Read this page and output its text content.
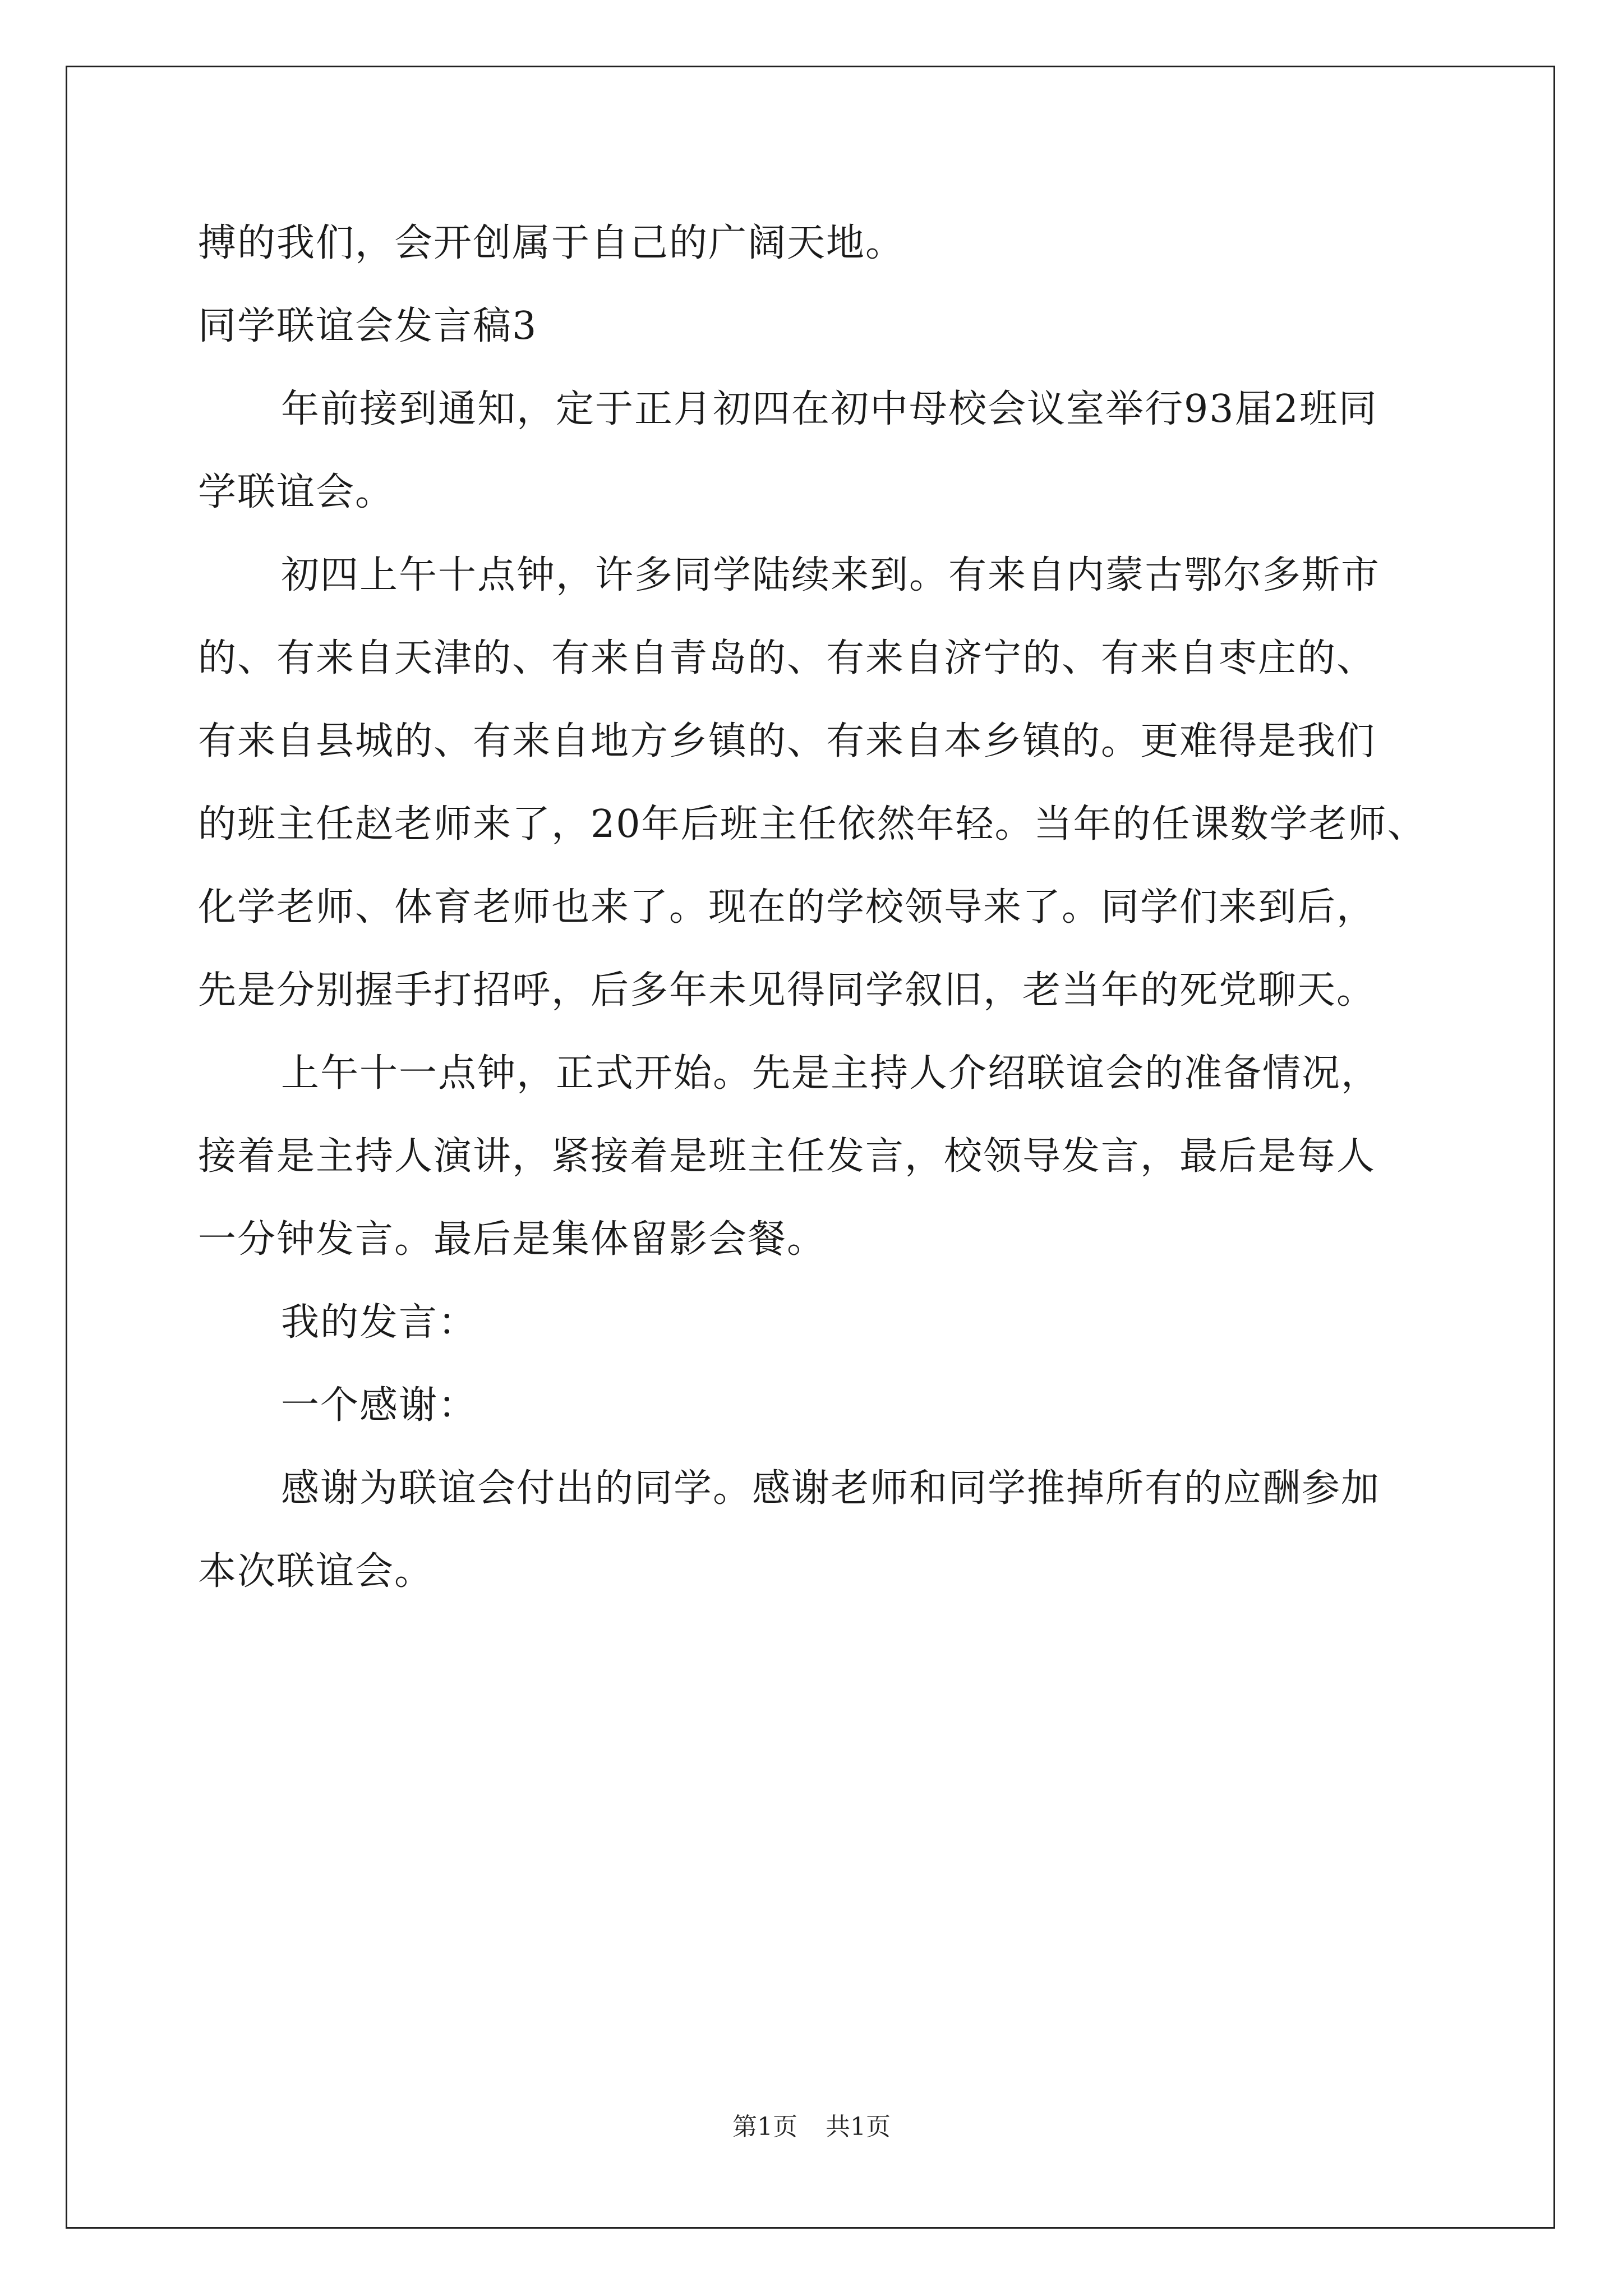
搏的我们，会开创属于自己的广阔天地。
同学联谊会发言稿3
年前接到通知，定于正月初四在初中母校会议室举行93届2班同
学联谊会。
初四上午十点钟，许多同学陆续来到。有来自内蒙古鄂尔多斯市
的、有来自天津的、有来自青岛的、有来自济宁的、有来自枣庄的、
有来自县城的、有来自地方乡镇的、有来自本乡镇的。更难得是我们
的班主任赵老师来了，20年后班主任依然年轻。当年的任课数学老师、
化学老师、体育老师也来了。现在的学校领导来了。同学们来到后，
先是分别握手打招呼，后多年未见得同学叙旧，老当年的死党聊天。
上午十一点钟，正式开始。先是主持人介绍联谊会的准备情况，
接着是主持人演讲，紧接着是班主任发言，校领导发言，最后是每人
一分钟发言。最后是集体留影会餐。
我的发言：
一个感谢：
感谢为联谊会付出的同学。感谢老师和同学推掉所有的应酬参加
本次联谊会。
第1页 共1页
